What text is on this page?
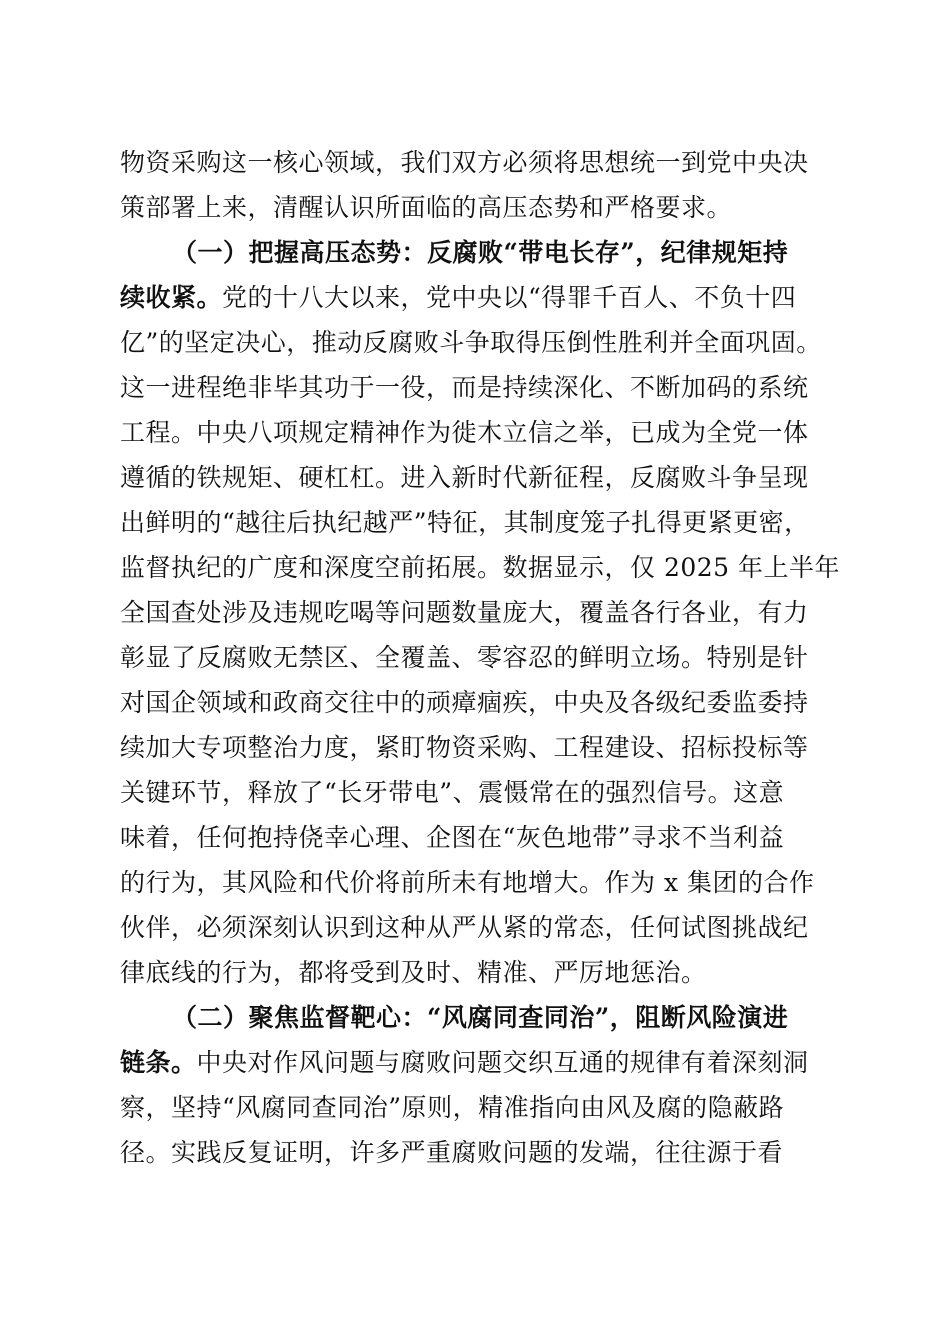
物资采购这一核心领域，我们双方必须将思想统一到党中央决
策部署上来，清醒认识所面临的高压态势和严格要求。
（一）把握高压态势：反腐败“带电长存”，纪律规矩持
续收紧。党的十八大以来，党中央以“得罪千百人、不负十四
亿”的坚定决心，推动反腐败斗争取得压倒性胜利并全面巩固。
这一进程绝非毕其功于一役，而是持续深化、不断加码的系统
工程。中央八项规定精神作为徙木立信之举，已成为全党一体
遵循的铁规矩、硬杠杠。进入新时代新征程，反腐败斗争呈现
出鲜明的“越往后执纪越严”特征，其制度笼子扎得更紧更密，
监督执纪的广度和深度空前拓展。数据显示，仅 2025 年上半年
全国查处涉及违规吃喝等问题数量庞大，覆盖各行各业，有力
彰显了反腐败无禁区、全覆盖、零容忍的鲜明立场。特别是针
对国企领域和政商交往中的顽瘴痼疾，中央及各级纪委监委持
续加大专项整治力度，紧盯物资采购、工程建设、招标投标等
关键环节，释放了“长牙带电”、震慑常在的强烈信号。这意
味着，任何抱持侥幸心理、企图在“灰色地带”寻求不当利益
的行为，其风险和代价将前所未有地增大。作为 x 集团的合作
伙伴，必须深刻认识到这种从严从紧的常态，任何试图挑战纪
律底线的行为，都将受到及时、精准、严厉地惩治。
（二）聚焦监督靶心：“风腐同查同治”，阻断风险演进
链条。中央对作风问题与腐败问题交织互通的规律有着深刻洞
察，坚持“风腐同查同治”原则，精准指向由风及腐的隐蔽路
径。实践反复证明，许多严重腐败问题的发端，往往源于看
